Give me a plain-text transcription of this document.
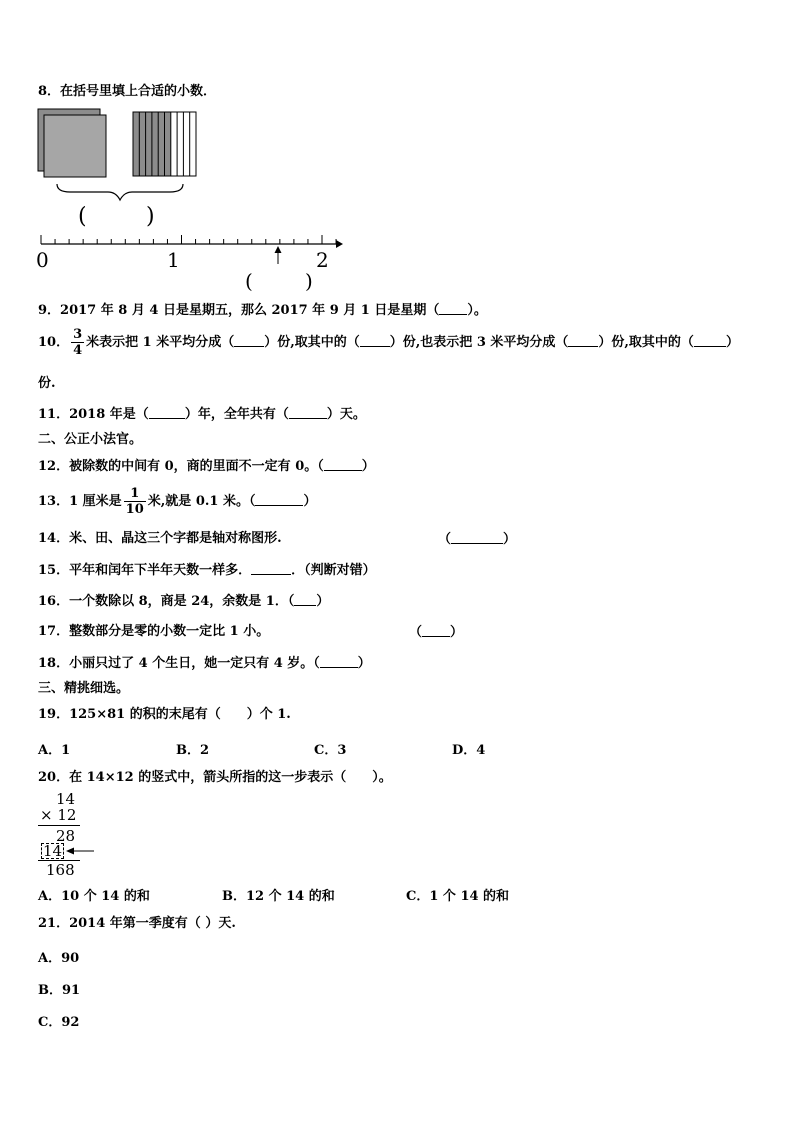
8．在括号里填上合适的小数．
(	)
0	1	2
(	)
9．2017 年 8 月 4 日是星期五，那么 2017 年 9 月 1 日是星期（ ）。
10． $\frac{3}{4}$ 米表示把 1 米平均分成（ ）份,取其中的（ ）份,也表示把 3 米平均分成（ ）份,取其中的（ ）
份.
11．2018 年是（	）年，全年共有（	）天。
二、公正小法官。
12．被除数的中间有 0，商的里面不一定有 0。（	）
13．1 厘米是 $\frac{1}{10}$ 米,就是 0.1 米。（	）
14．米、田、晶这三个字都是轴对称图形.	（	）
15．平年和闰年下半年天数一样多．	．（判断对错）
16．一个数除以 8，商是 24，余数是 1．（ ）
17．整数部分是零的小数一定比 1 小。	（ ）
18．小丽只过了 4 个生日，她一定只有 4 岁。（	）
三、精挑细选。
19．125×81 的积的末尾有（　　）个 1.
A．1	B．2	C．3	D．4
20．在 14×12 的竖式中，箭头所指的这一步表示（　　）。
14
× 12
28
14
168
A．10 个 14 的和	B．12 个 14 的和	C．1 个 14 的和
21．2014 年第一季度有（ ）天.
A．90
B．91
C．92
